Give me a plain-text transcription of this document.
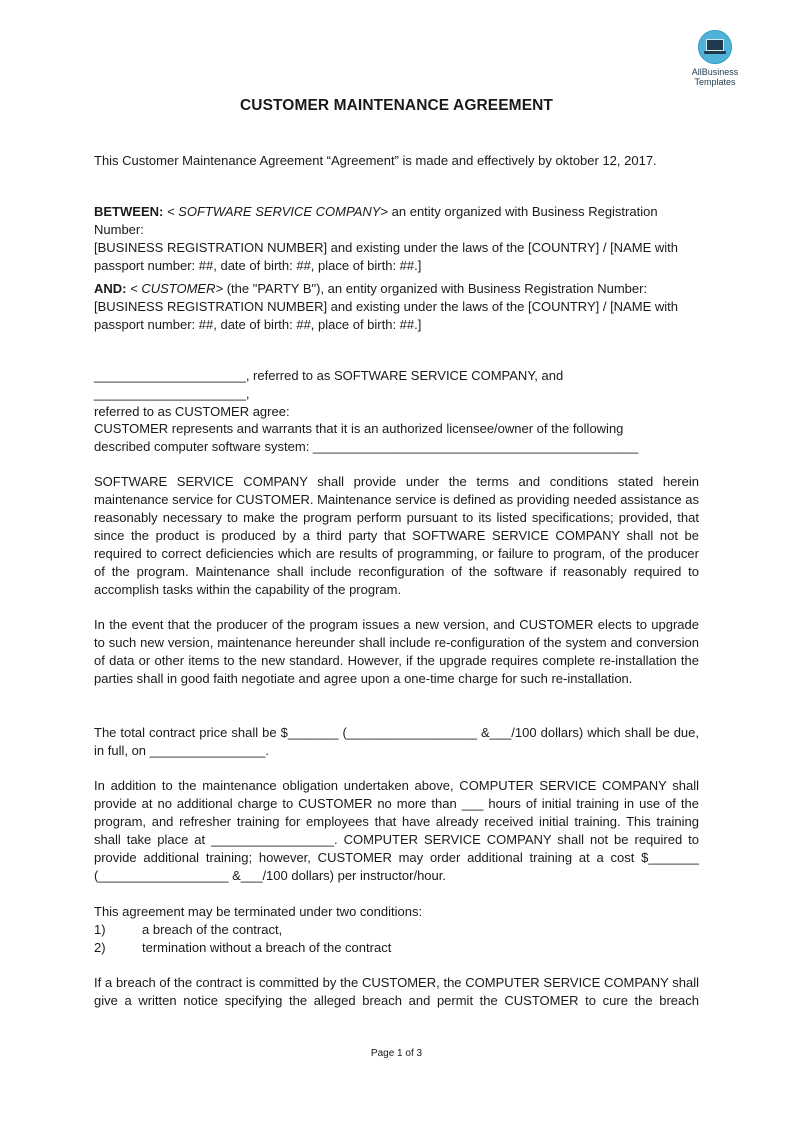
AllBusiness
Templates
CUSTOMER MAINTENANCE AGREEMENT

This Customer Maintenance Agreement “Agreement” is made and effectively by oktober 12, 2017.

BETWEEN: < SOFTWARE SERVICE COMPANY> an entity organized with Business Registration Number:
[BUSINESS REGISTRATION NUMBER] and existing under the laws of the [COUNTRY] / [NAME with
passport number: ##, date of birth: ##, place of birth: ##.]
AND: < CUSTOMER> (the "PARTY B"), an entity organized with Business Registration Number:
[BUSINESS REGISTRATION NUMBER] and existing under the laws of the [COUNTRY] / [NAME with
passport number: ##, date of birth: ##, place of birth: ##.]
_____________________, referred to as SOFTWARE SERVICE COMPANY, and _____________________,
referred to as CUSTOMER agree:
CUSTOMER represents and warrants that it is an authorized licensee/owner of the following
described computer software system: _____________________________________________

SOFTWARE SERVICE COMPANY shall provide under the terms and conditions stated herein maintenance service for CUSTOMER. Maintenance service is defined as providing needed assistance as reasonably necessary to make the program perform pursuant to its listed specifications; provided, that since the product is produced by a third party that SOFTWARE SERVICE COMPANY shall not be required to correct deficiencies which are results of programming, or failure to program, of the producer of the program. Maintenance shall include reconfiguration of the software if reasonably required to accomplish tasks within the capability of the program.

In the event that the producer of the program issues a new version, and CUSTOMER elects to upgrade to such new version, maintenance hereunder shall include re-configuration of the system and conversion of data or other items to the new standard. However, if the upgrade requires complete re-installation the parties shall in good faith negotiate and agree upon a one-time charge for such re-installation.

The total contract price shall be $_______ (__________________ &___/100 dollars) which shall be due, in full, on ________________.

In addition to the maintenance obligation undertaken above, COMPUTER SERVICE COMPANY shall provide at no additional charge to CUSTOMER no more than ___ hours of initial training in use of the program, and refresher training for employees that have already received initial training. This training shall take place at _________________. COMPUTER SERVICE COMPANY shall not be required to provide additional training; however, CUSTOMER may order additional training at a cost $_______ (__________________ &___/100 dollars) per instructor/hour.

This agreement may be terminated under two conditions:
1)	a breach of the contract,
2)	termination without a breach of the contract
If a breach of the contract is committed by the CUSTOMER, the COMPUTER SERVICE COMPANY shall
give a written notice specifying the alleged breach and permit the CUSTOMER to cure the breach
Page 1 of 3
